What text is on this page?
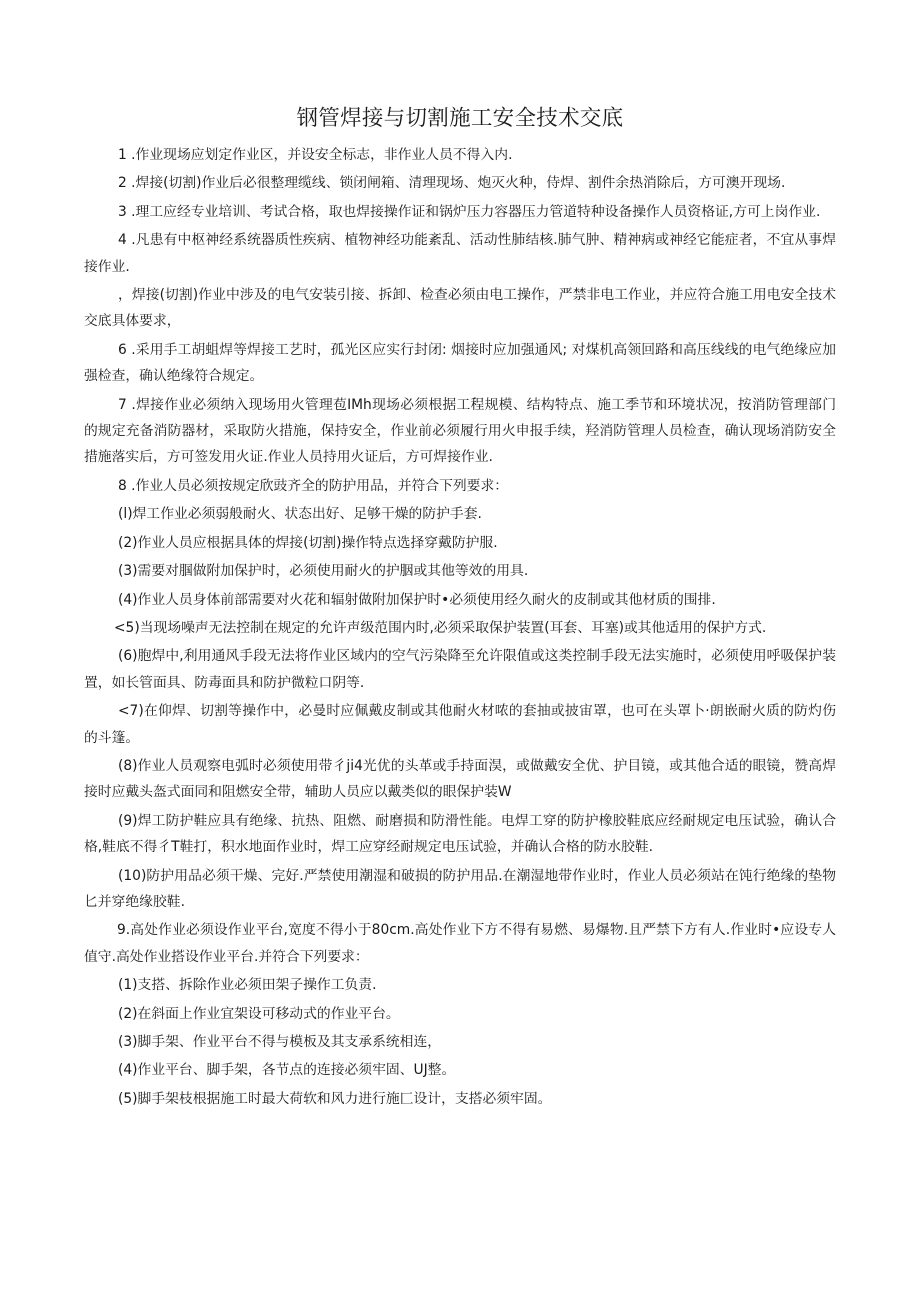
钢管焊接与切割施工安全技术交底

1 .作业现场应划定作业区，并设安全标志，非作业人员不得入内.

2 .焊接(切割)作业后必很整理缆线、锁闭闸箱、清理现场、炮灭火种，侍焊、割件余热消除后，方可澳开现场.

3 .理工应经专业培训、考试合格，取也焊接操作证和锅炉压力容器压力管道特种设备操作人员资格证,方可上岗作业.

4 .凡患有中枢神经系统器质性疾病、植物神经功能紊乱、活动性肺结核.肺气肿、精神病或神经它能症者，不宜从事焊接作业.

，焊接(切割)作业中涉及的电气安装引接、拆卸、检查必须由电工操作，严禁非电工作业，并应符合施工用电安全技术交底具体要求，

6 .采用手工胡蛆焊等焊接工艺时，孤光区应实行封闭: 烟接时应加强通风; 对煤机高领回路和高压线线的电气绝缘应加强检查，确认绝缘符合规定。

7 .焊接作业必须纳入现场用火管理苞IMh现场必须根据工程规模、结构特点、施工季节和环境状况，按消防管理部门的规定充备消防器材，采取防火措施，保持安全，作业前必须履行用火申报手续，羟消防管理人员检查，确认现场消防安全措施落实后，方可签发用火证.作业人员持用火证后，方可焊接作业.

8 .作业人员必须按规定欣豉齐全的防护用品，并符合下列要求：

(l)焊工作业必须弱般耐火、状态出好、足够干燥的防护手套.

(2)作业人员应根据具体的焊接(切割)操作特点选择穿戴防护服.

(3)需要对腘做附加保护时，必须使用耐火的护胭或其他等效的用具.

(4)作业人员身体前部需要对火花和辐射做附加保护时•必须使用经久耐火的皮制或其他材质的围排.

<5)当现场噪声无法控制在规定的允许声级范围内时,必须采取保护装置(耳套、耳塞)或其他适用的保护方式.

(6)胞焊中,利用通风手段无法将作业区域内的空气污染降至允许限值或这类控制手段无法实施时，必须使用呼吸保护装置，如长管面具、防毒面具和防护微粒口阴等.

<7)在仰焊、切割等操作中，必曼时应佩戴皮制或其他耐火材哝的套抽或披宙罩，也可在头罩卜·朗嵌耐火质的防灼伤的斗篷。

(8)作业人员观察电弧时必须使用带彳ji4光优的头革或手持面淏，或做戴安全优、护目镜，或其他合适的眼镜，赞高焊接时应戴头盔式面同和阻燃安全带，辅助人员应以戴类似的眼保护装W

(9)焊工防护鞋应具有绝缘、抗热、阻燃、耐磨损和防滑性能。电焊工穿的防护橡胶鞋底应经耐规定电压试验，确认合格,鞋底不得彳T鞋打，积水地面作业时，焊工应穿经耐规定电压试验，并确认合格的防水胶鞋.

(10)防护用品必须干燥、完好.严禁使用潮湿和破损的防护用品.在潮湿地带作业时，作业人员必须站在饨行绝缘的垫物匕并穿绝缘胶鞋.

9.高处作业必须设作业平台,宽度不得小于80cm.高处作业下方不得有易燃、易爆物.且严禁下方有人.作业时•应设专人值守.高处作业搭设作业平台.并符合下列要求：

(1)支搭、拆除作业必须田架子操作工负责.

(2)在斜面上作业宜架设可移动式的作业平台。

(3)脚手架、作业平台不得与模板及其支承系统相连，

(4)作业平台、脚手架，各节点的连接必须牢固、UJ整。

(5)脚手架枝根据施工时最大荷软和风力进行施匚设计，支搭必须牢固。
